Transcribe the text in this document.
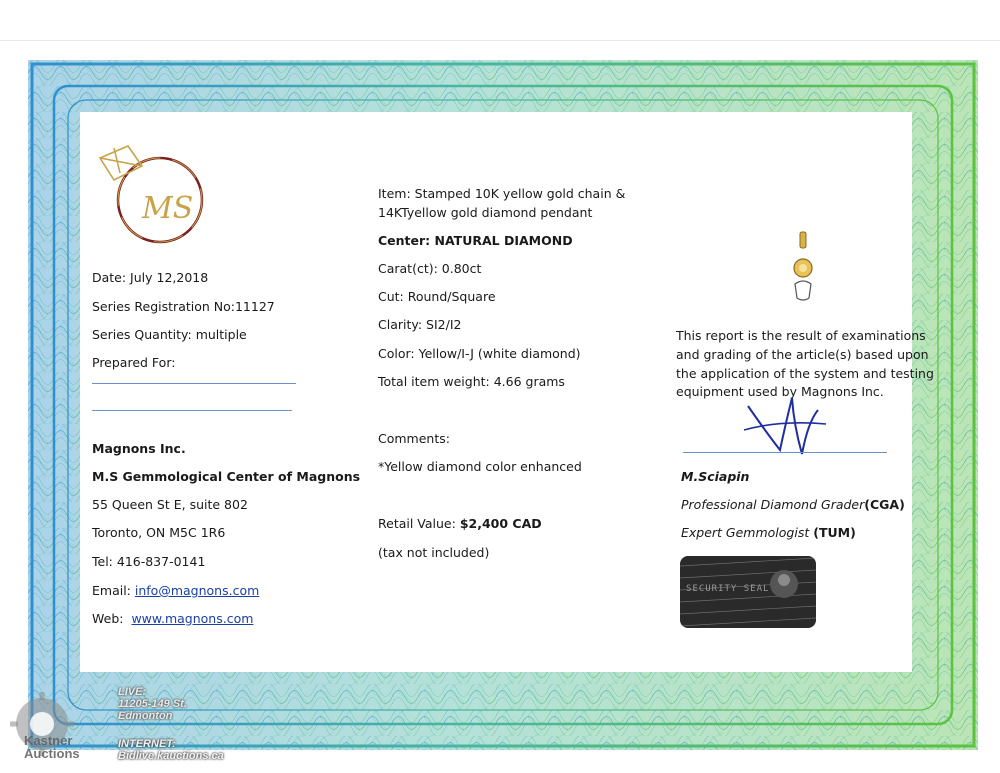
MS
Date: July 12,2018
Series Registration No:11127
Series Quantity: multiple
Prepared For:
Magnons Inc.
M.S Gemmological Center of Magnons
55 Queen St E, suite 802
Toronto, ON M5C 1R6
Tel: 416-837-0141
Email: info@magnons.com
Web: www.magnons.com
Item: Stamped 10K yellow gold chain &
14KTyellow gold diamond pendant
Center: NATURAL DIAMOND
Carat(ct): 0.80ct
Cut: Round/Square
Clarity: SI2/I2
Color: Yellow/I-J (white diamond)
Total item weight: 4.66 grams
Comments:
*Yellow diamond color enhanced
Retail Value: $2,400 CAD
(tax not included)
This report is the result of examinations
and grading of the article(s) based upon
the application of the system and testing
equipment used by Magnons Inc.
M.Sciapin
Professional Diamond Grader(CGA)
Expert Gemmologist (TUM)
SECURITY SEAL
Kastner
Auctions
LIVE:
11205-149 St.
Edmonton
INTERNET:
Bidlive.kauctions.ca
